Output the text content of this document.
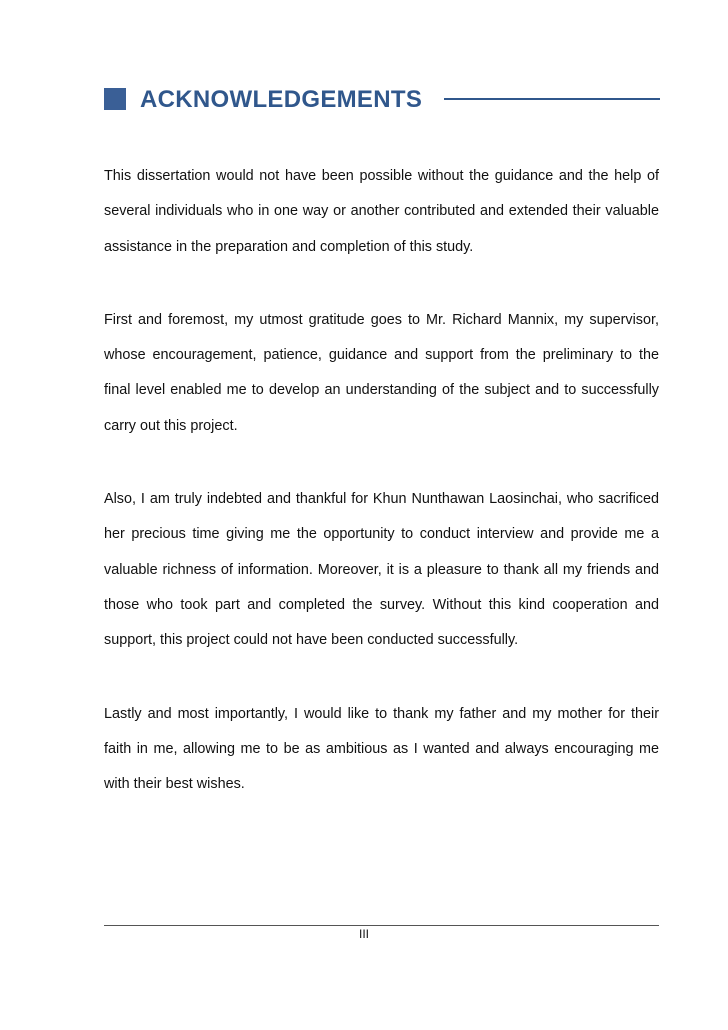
ACKNOWLEDGEMENTS

This dissertation would not have been possible without the guidance and the help of several individuals who in one way or another contributed and extended their valuable assistance in the preparation and completion of this study.

First and foremost, my utmost gratitude goes to Mr. Richard Mannix, my supervisor, whose encouragement, patience, guidance and support from the preliminary to the final level enabled me to develop an understanding of the subject and to successfully carry out this project.

Also, I am truly indebted and thankful for Khun Nunthawan Laosinchai, who sacrificed her precious time giving me the opportunity to conduct interview and provide me a valuable richness of information. Moreover, it is a pleasure to thank all my friends and those who took part and completed the survey. Without this kind cooperation and support, this project could not have been conducted successfully.

Lastly and most importantly, I would like to thank my father and my mother for their faith in me, allowing me to be as ambitious as I wanted and always encouraging me with their best wishes.

III
